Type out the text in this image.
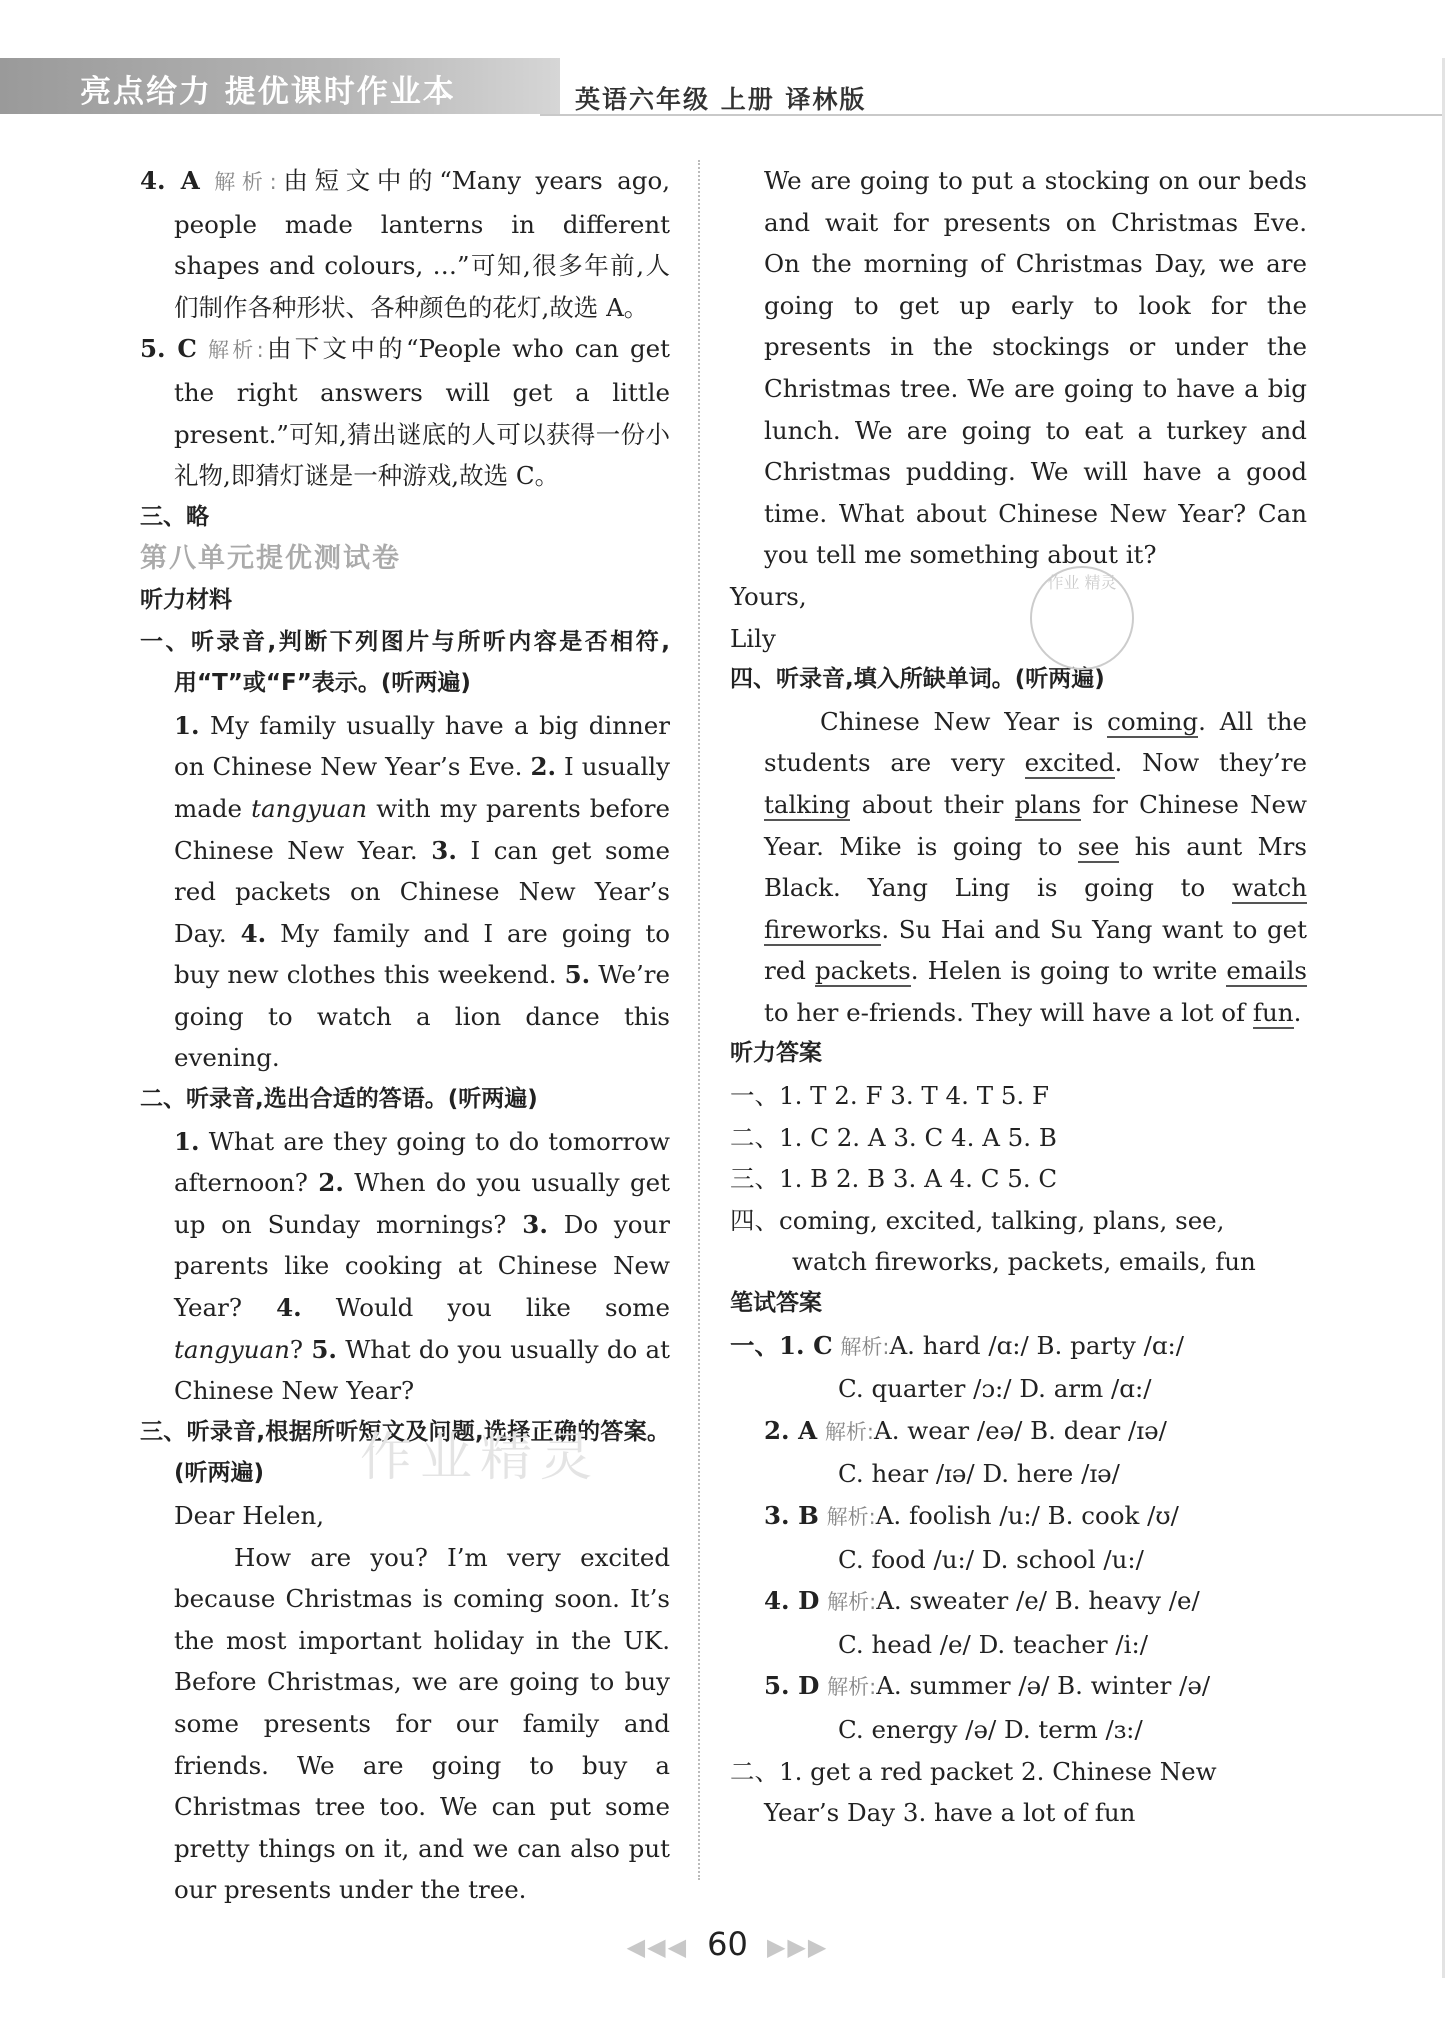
亮点给力 提优课时作业本	英语六年级 上册 译林版

4. A 解析:由短文中的“Many years ago, people made lanterns in different shapes and colours, …”可知,很多年前,人们制作各种形状、各种颜色的花灯,故选 A。

5. C 解析:由下文中的“People who can get the right answers will get a little present.”可知,猜出谜底的人可以获得一份小礼物,即猜灯谜是一种游戏,故选 C。

三、略

第八单元提优测试卷

听力材料

一、听录音,判断下列图片与所听内容是否相符,用“T”或“F”表示。(听两遍)

1. My family usually have a big dinner on Chinese New Year’s Eve. 2. I usually made tangyuan with my parents before Chinese New Year. 3. I can get some red packets on Chinese New Year’s Day. 4. My family and I are going to buy new clothes this weekend. 5. We’re going to watch a lion dance this evening.

二、听录音,选出合适的答语。(听两遍)

1. What are they going to do tomorrow afternoon? 2. When do you usually get up on Sunday mornings? 3. Do your parents like cooking at Chinese New Year? 4. Would you like some tangyuan? 5. What do you usually do at Chinese New Year?

三、听录音,根据所听短文及问题,选择正确的答案。(听两遍)

Dear Helen,

How are you? I’m very excited because Christmas is coming soon. It’s the most important holiday in the UK. Before Christmas, we are going to buy some presents for our family and friends. We are going to buy a Christmas tree too. We can put some pretty things on it, and we can also put our presents under the tree.

We are going to put a stocking on our beds and wait for presents on Christmas Eve. On the morning of Christmas Day, we are going to get up early to look for the presents in the stockings or under the Christmas tree. We are going to have a big lunch. We are going to eat a turkey and Christmas pudding. We will have a good time. What about Chinese New Year? Can you tell me something about it?

Yours,

Lily

四、听录音,填入所缺单词。(听两遍)

Chinese New Year is coming. All the students are very excited. Now they’re talking about their plans for Chinese New Year. Mike is going to see his aunt Mrs Black. Yang Ling is going to watch fireworks. Su Hai and Su Yang want to get red packets. Helen is going to write emails to her e-friends. They will have a lot of fun.

听力答案

一、1. T 2. F 3. T 4. T 5. F

二、1. C 2. A 3. C 4. A 5. B

三、1. B 2. B 3. A 4. C 5. C

四、coming, excited, talking, plans, see,

watch fireworks, packets, emails, fun

笔试答案

一、1. C 解析:A. hard /ɑ:/ B. party /ɑ:/

C. quarter /ɔ:/ D. arm /ɑ:/

2. A 解析:A. wear /eə/ B. dear /ɪə/

C. hear /ɪə/ D. here /ɪə/

3. B 解析:A. foolish /u:/ B. cook /ʊ/

C. food /u:/ D. school /u:/

4. D 解析:A. sweater /e/ B. heavy /e/

C. head /e/ D. teacher /i:/

5. D 解析:A. summer /ə/ B. winter /ə/

C. energy /ə/ D. term /ɜ:/

二、1. get a red packet 2. Chinese New

Year’s Day 3. have a lot of fun

作业 精灵
作业精灵
◀◀◀ 60 ▶▶▶
